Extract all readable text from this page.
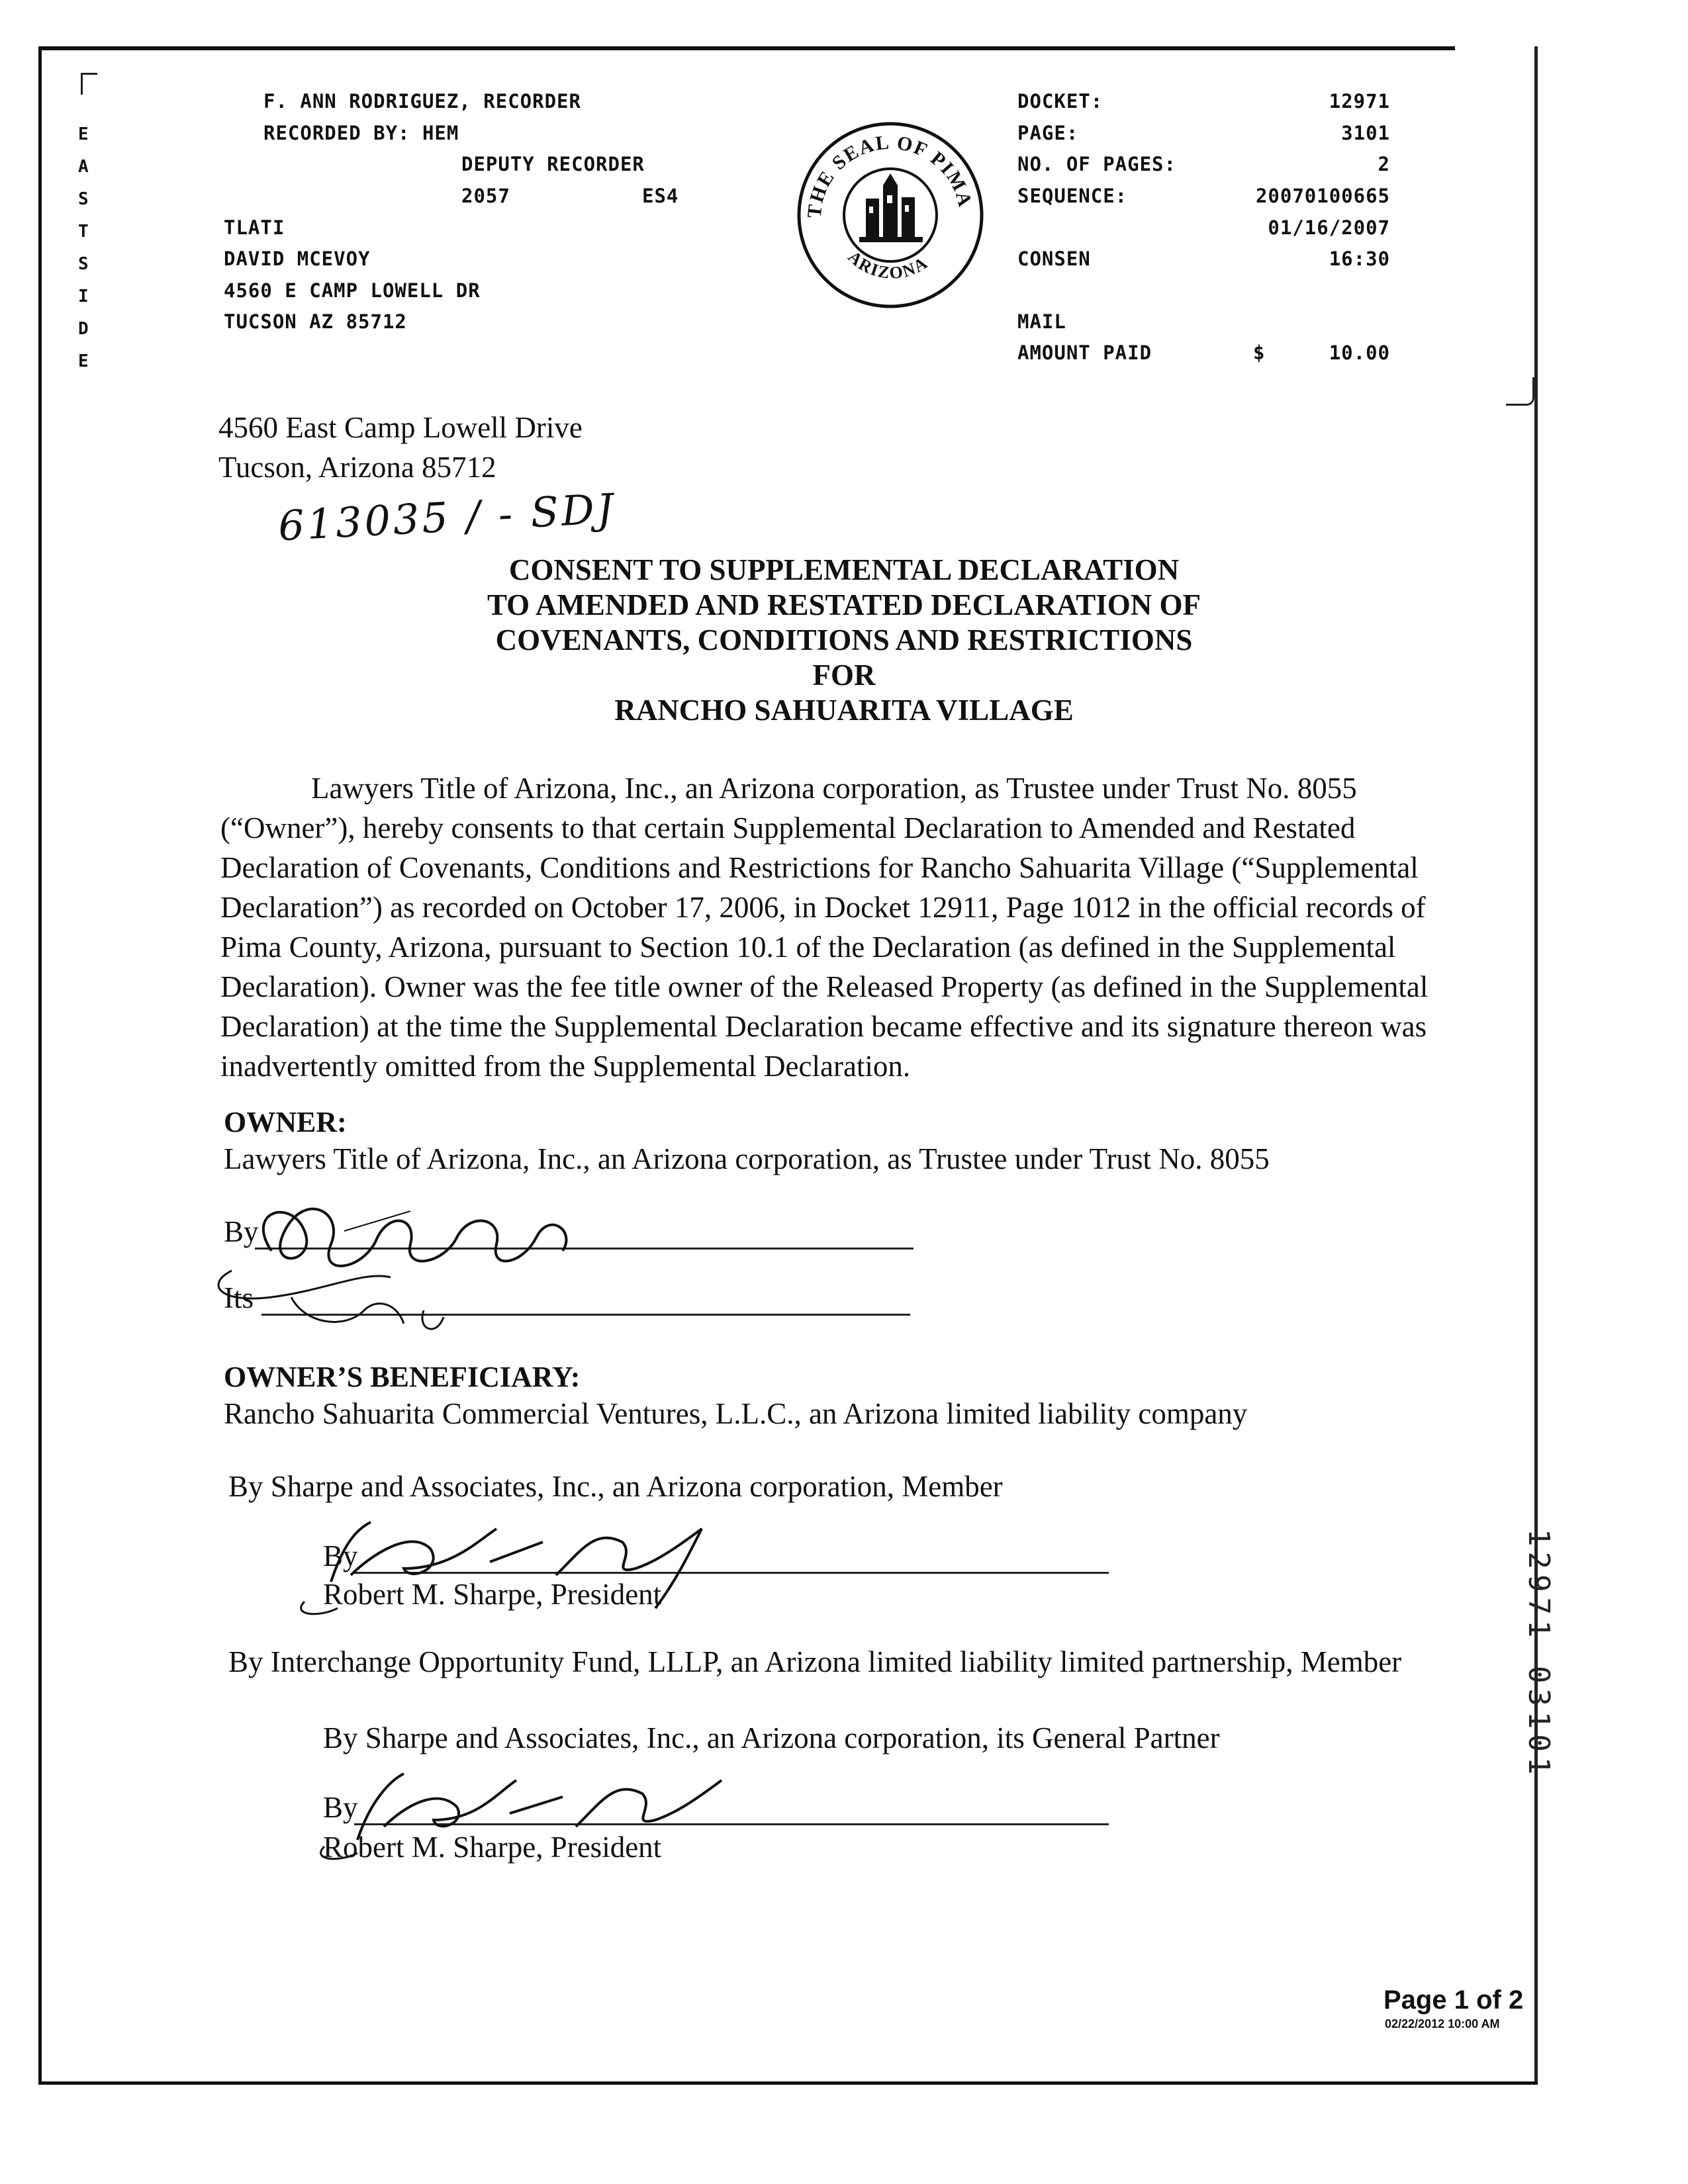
E
A
S
T
S
I
D
E
F. ANN RODRIGUEZ, RECORDER
RECORDED BY: HEM
DEPUTY RECORDER
2057	ES4
TLATI
DAVID MCEVOY
4560 E CAMP LOWELL DR
TUCSON AZ 85712
THE SEAL OF PIMA
ARIZONA
DOCKET:	12971
PAGE:	3101
NO. OF PAGES:	2
SEQUENCE:	20070100665
01/16/2007
CONSEN	16:30
MAIL
AMOUNT PAID	$	10.00
4560 East Camp Lowell Drive
Tucson, Arizona 85712
613035 / - SDJ
CONSENT TO SUPPLEMENTAL DECLARATION
TO AMENDED AND RESTATED DECLARATION OF
COVENANTS, CONDITIONS AND RESTRICTIONS
FOR
RANCHO SAHUARITA VILLAGE
Lawyers Title of Arizona, Inc., an Arizona corporation, as Trustee under Trust No. 8055
(“Owner”), hereby consents to that certain Supplemental Declaration to Amended and Restated
Declaration of Covenants, Conditions and Restrictions for Rancho Sahuarita Village (“Supplemental
Declaration”) as recorded on October 17, 2006, in Docket 12911, Page 1012 in the official records of
Pima County, Arizona, pursuant to Section 10.1 of the Declaration (as defined in the Supplemental
Declaration). Owner was the fee title owner of the Released Property (as defined in the Supplemental
Declaration) at the time the Supplemental Declaration became effective and its signature thereon was
inadvertently omitted from the Supplemental Declaration.
OWNER:
Lawyers Title of Arizona, Inc., an Arizona corporation, as Trustee under Trust No. 8055
By
Its
OWNER’S BENEFICIARY:
Rancho Sahuarita Commercial Ventures, L.L.C., an Arizona limited liability company
By Sharpe and Associates, Inc., an Arizona corporation, Member
By
Robert M. Sharpe, President
By Interchange Opportunity Fund, LLLP, an Arizona limited liability limited partnership, Member
By Sharpe and Associates, Inc., an Arizona corporation, its General Partner
By
Robert M. Sharpe, President
12971 03101
Page 1 of 2
02/22/2012 10:00 AM
